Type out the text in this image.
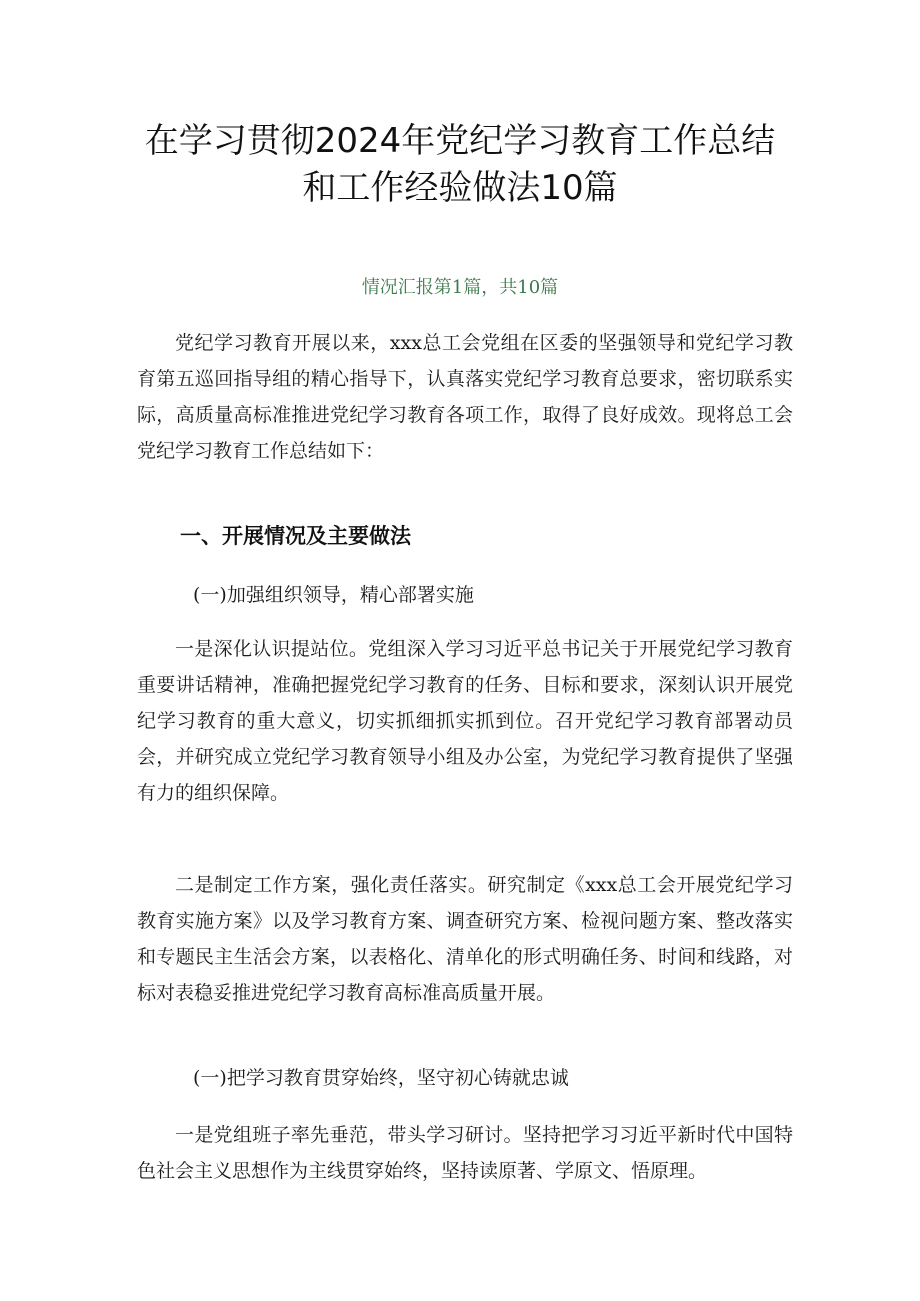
在学习贯彻2024年党纪学习教育工作总结
和工作经验做法10篇

情况汇报第1篇，共10篇

党纪学习教育开展以来，xxx总工会党组在区委的坚强领导和党纪学习教育第五巡回指导组的精心指导下，认真落实党纪学习教育总要求，密切联系实际，高质量高标准推进党纪学习教育各项工作，取得了良好成效。现将总工会党纪学习教育工作总结如下：

一、开展情况及主要做法

(一)加强组织领导，精心部署实施

一是深化认识提站位。党组深入学习习近平总书记关于开展党纪学习教育重要讲话精神，准确把握党纪学习教育的任务、目标和要求，深刻认识开展党纪学习教育的重大意义，切实抓细抓实抓到位。召开党纪学习教育部署动员会，并研究成立党纪学习教育领导小组及办公室，为党纪学习教育提供了坚强有力的组织保障。

二是制定工作方案，强化责任落实。研究制定《xxx总工会开展党纪学习教育实施方案》以及学习教育方案、调查研究方案、检视问题方案、整改落实和专题民主生活会方案，以表格化、清单化的形式明确任务、时间和线路，对标对表稳妥推进党纪学习教育高标准高质量开展。

(一)把学习教育贯穿始终，坚守初心铸就忠诚

一是党组班子率先垂范，带头学习研讨。坚持把学习习近平新时代中国特色社会主义思想作为主线贯穿始终，坚持读原著、学原文、悟原理。
